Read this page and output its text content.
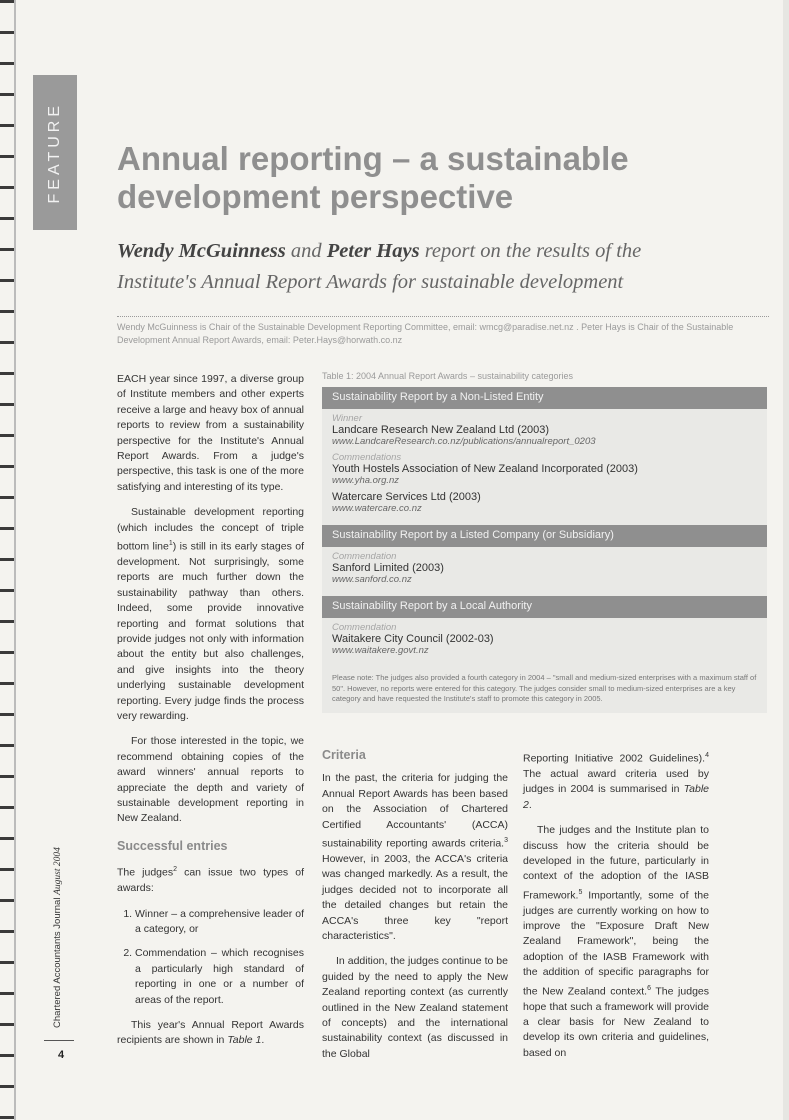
FEATURE
Chartered Accountants Journal August 2004
4
Annual reporting – a sustainable development perspective

Wendy McGuinness and Peter Hays report on the results of the Institute's Annual Report Awards for sustainable development

Wendy McGuinness is Chair of the Sustainable Development Reporting Committee, email: wmcg@paradise.net.nz . Peter Hays is Chair of the Sustainable Development Annual Report Awards, email: Peter.Hays@horwath.co.nz

EACH year since 1997, a diverse group of Institute members and other experts receive a large and heavy box of annual reports to review from a sustainability perspective for the Institute's Annual Report Awards. From a judge's perspective, this task is one of the more satisfying and interesting of its type.

Sustainable development reporting (which includes the concept of triple bottom line$^1$) is still in its early stages of development. Not surprisingly, some reports are much further down the sustainability pathway than others. Indeed, some provide innovative reporting and format solutions that provide judges not only with information about the entity but also challenges, and give insights into the theory underlying sustainable development reporting. Every judge finds the process very rewarding.

For those interested in the topic, we recommend obtaining copies of the award winners' annual reports to appreciate the depth and variety of sustainable development reporting in New Zealand.

Successful entries

The judges$^2$ can issue two types of awards:

1. Winner – a comprehensive leader of a category, or
2. Commendation – which recognises a particularly high standard of reporting in one or a number of areas of the report.

This year's Annual Report Awards recipients are shown in Table 1.

Table 1: 2004 Annual Report Awards – sustainability categories
Sustainability Report by a Non-Listed Entity
Winner
Landcare Research New Zealand Ltd (2003)
www.LandcareResearch.co.nz/publications/annualreport_0203
Commendations
Youth Hostels Association of New Zealand Incorporated (2003)
www.yha.org.nz
Watercare Services Ltd (2003)
www.watercare.co.nz
Sustainability Report by a Listed Company (or Subsidiary)
Commendation
Sanford Limited (2003)
www.sanford.co.nz
Sustainability Report by a Local Authority
Commendation
Waitakere City Council (2002-03)
www.waitakere.govt.nz
Please note: The judges also provided a fourth category in 2004 – "small and medium-sized enterprises with a maximum staff of 50". However, no reports were entered for this category. The judges consider small to medium-sized enterprises are a key category and have requested the Institute's staff to promote this category in 2005.
Criteria

In the past, the criteria for judging the Annual Report Awards has been based on the Association of Chartered Certified Accountants' (ACCA) sustainability reporting awards criteria.$^3$ However, in 2003, the ACCA's criteria was changed markedly. As a result, the judges decided not to incorporate all the detailed changes but retain the ACCA's three key "report characteristics".

In addition, the judges continue to be guided by the need to apply the New Zealand reporting context (as currently outlined in the New Zealand statement of concepts) and the international sustainability context (as discussed in the Global

Reporting Initiative 2002 Guidelines).$^4$ The actual award criteria used by judges in 2004 is summarised in Table 2.

The judges and the Institute plan to discuss how the criteria should be developed in the future, particularly in context of the adoption of the IASB Framework.$^5$ Importantly, some of the judges are currently working on how to improve the "Exposure Draft New Zealand Framework", being the adoption of the IASB Framework with the addition of specific paragraphs for the New Zealand context.$^6$ The judges hope that such a framework will provide a clear basis for New Zealand to develop its own criteria and guidelines, based on
